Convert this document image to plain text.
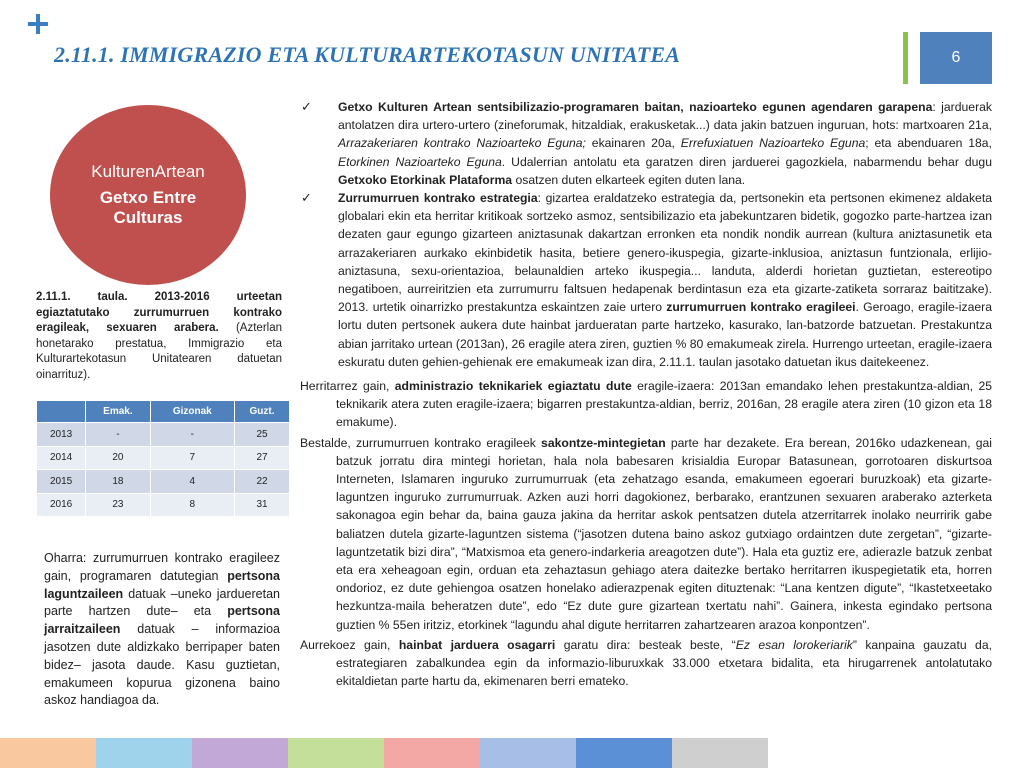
2.11.1. IMMIGRAZIO ETA KULTURARTEKOTASUN UNITATEA	6
KulturenArtean
Getxo Entre Culturas
2.11.1. taula. 2013-2016 urteetan egiaztatutako zurrumurruen kontrako eragileak, sexuaren arabera. (Azterlan honetarako prestatua, Immigrazio eta Kulturartekotasun Unitatearen datuetan oinarrituz).
	Emak.	Gizonak	Guzt.
2013	-	-	25
2014	20	7	27
2015	18	4	22
2016	23	8	31
Oharra: zurrumurruen kontrako eragileez gain, programaren datutegian pertsona laguntzaileen datuak –uneko jardueretan parte hartzen dute– eta pertsona jarraitzaileen datuak – informazioa jasotzen dute aldizkako berripaper baten bidez– jasota daude. Kasu guztietan, emakumeen kopurua gizonena baino askoz handiagoa da.
✓ Getxo Kulturen Artean sentsibilizazio-programaren baitan, nazioarteko egunen agendaren garapena: jarduerak antolatzen dira urtero-urtero (zineforumak, hitzaldiak, erakusketak...) data jakin batzuen inguruan, hots: martxoaren 21a, Arrazakeriaren kontrako Nazioarteko Eguna; ekainaren 20a, Errefuxiatuen Nazioarteko Eguna; eta abenduaren 18a, Etorkinen Nazioarteko Eguna. Udalerrian antolatu eta garatzen diren jarduerei gagozkiela, nabarmendu behar dugu Getxoko Etorkinak Plataforma osatzen duten elkarteek egiten duten lana.
✓ Zurrumurruen kontrako estrategia: gizartea eraldatzeko estrategia da, pertsonekin eta pertsonen ekimenez aldaketa globalari ekin eta herritar kritikoak sortzeko asmoz, sentsibilizazio eta jabekuntzaren bidetik, gogozko parte-hartzea izan dezaten gaur egungo gizarteen aniztasunak dakartzan erronken eta nondik nondik aurrean (kultura aniztasunetik eta arrazakeriaren aurkako ekinbidetik hasita, betiere genero-ikuspegia, gizarte-inklusioa, aniztasun funtzionala, erlijio-aniztasuna, sexu-orientazioa, belaunaldien arteko ikuspegia... landuta, alderdi horietan guztietan, estereotipo negatiboen, aurreiritzien eta zurrumurru faltsuen hedapenak berdintasun eza eta gizarte-zatiketa sorraraz baititzake). 2013. urtetik oinarrizko prestakuntza eskaintzen zaie urtero zurrumurruen kontrako eragileei. Geroago, eragile-izaera lortu duten pertsonek aukera dute hainbat jardueratan parte hartzeko, kasurako, lan-batzorde batzuetan. Prestakuntza abian jarritako urtean (2013an), 26 eragile atera ziren, guztien % 80 emakumeak zirela. Hurrengo urteetan, eragile-izaera eskuratu duten gehien-gehienak ere emakumeak izan dira, 2.11.1. taulan jasotako datuetan ikus daitekeenez.
Herritarrez gain, administrazio teknikariek egiaztatu dute eragile-izaera: 2013an emandako lehen prestakuntza-aldian, 25 teknikarik atera zuten eragile-izaera; bigarren prestakuntza-aldian, berriz, 2016an, 28 eragile atera ziren (10 gizon eta 18 emakume).
Bestalde, zurrumurruen kontrako eragileek sakontze-mintegietan parte har dezakete. Era berean, 2016ko udazkenean, gai batzuk jorratu dira mintegi horietan, hala nola babesaren krisialdia Europar Batasunean, gorrotoaren diskurtsoa Interneten, Islamaren inguruko zurrumurruak (eta zehatzago esanda, emakumeen egoerari buruzkoak) eta gizarte-laguntzen inguruko zurrumurruak. Azken auzi horri dagokionez, berbarako, erantzunen sexuaren araberako azterketa sakonagoa egin behar da, baina gauza jakina da herritar askok pentsatzen dutela atzerritarrek inolako neurririk gabe baliatzen dutela gizarte-laguntzen sistema (“jasotzen dutena baino askoz gutxiago ordaintzen dute zergetan”, “gizarte-laguntzetatik bizi dira”, “Matxismoa eta genero-indarkeria areagotzen dute”). Hala eta guztiz ere, adierazle batzuk zenbat eta era xeheagoan egin, orduan eta zehaztasun gehiago atera daitezke bertako herritarren ikuspegietatik eta, horren ondorioz, ez dute gehiengoa osatzen honelako adierazpenak egiten dituztenak: “Lana kentzen digute”, “Ikastetxeetako hezkuntza-maila beheratzen dute”, edo “Ez dute gure gizartean txertatu nahi”. Gainera, inkesta egindako pertsona guztien % 55en iritziz, etorkinek “lagundu ahal digute herritarren zahartzearen arazoa konpontzen”.
Aurrekoez gain, hainbat jarduera osagarri garatu dira: besteak beste, “Ez esan lorokeriarik” kanpaina gauzatu da, estrategiaren zabalkundea egin da informazio-liburuxkak 33.000 etxetara bidalita, eta hirugarrenek antolatutako ekitaldietan parte hartu da, ekimenaren berri emateko.
